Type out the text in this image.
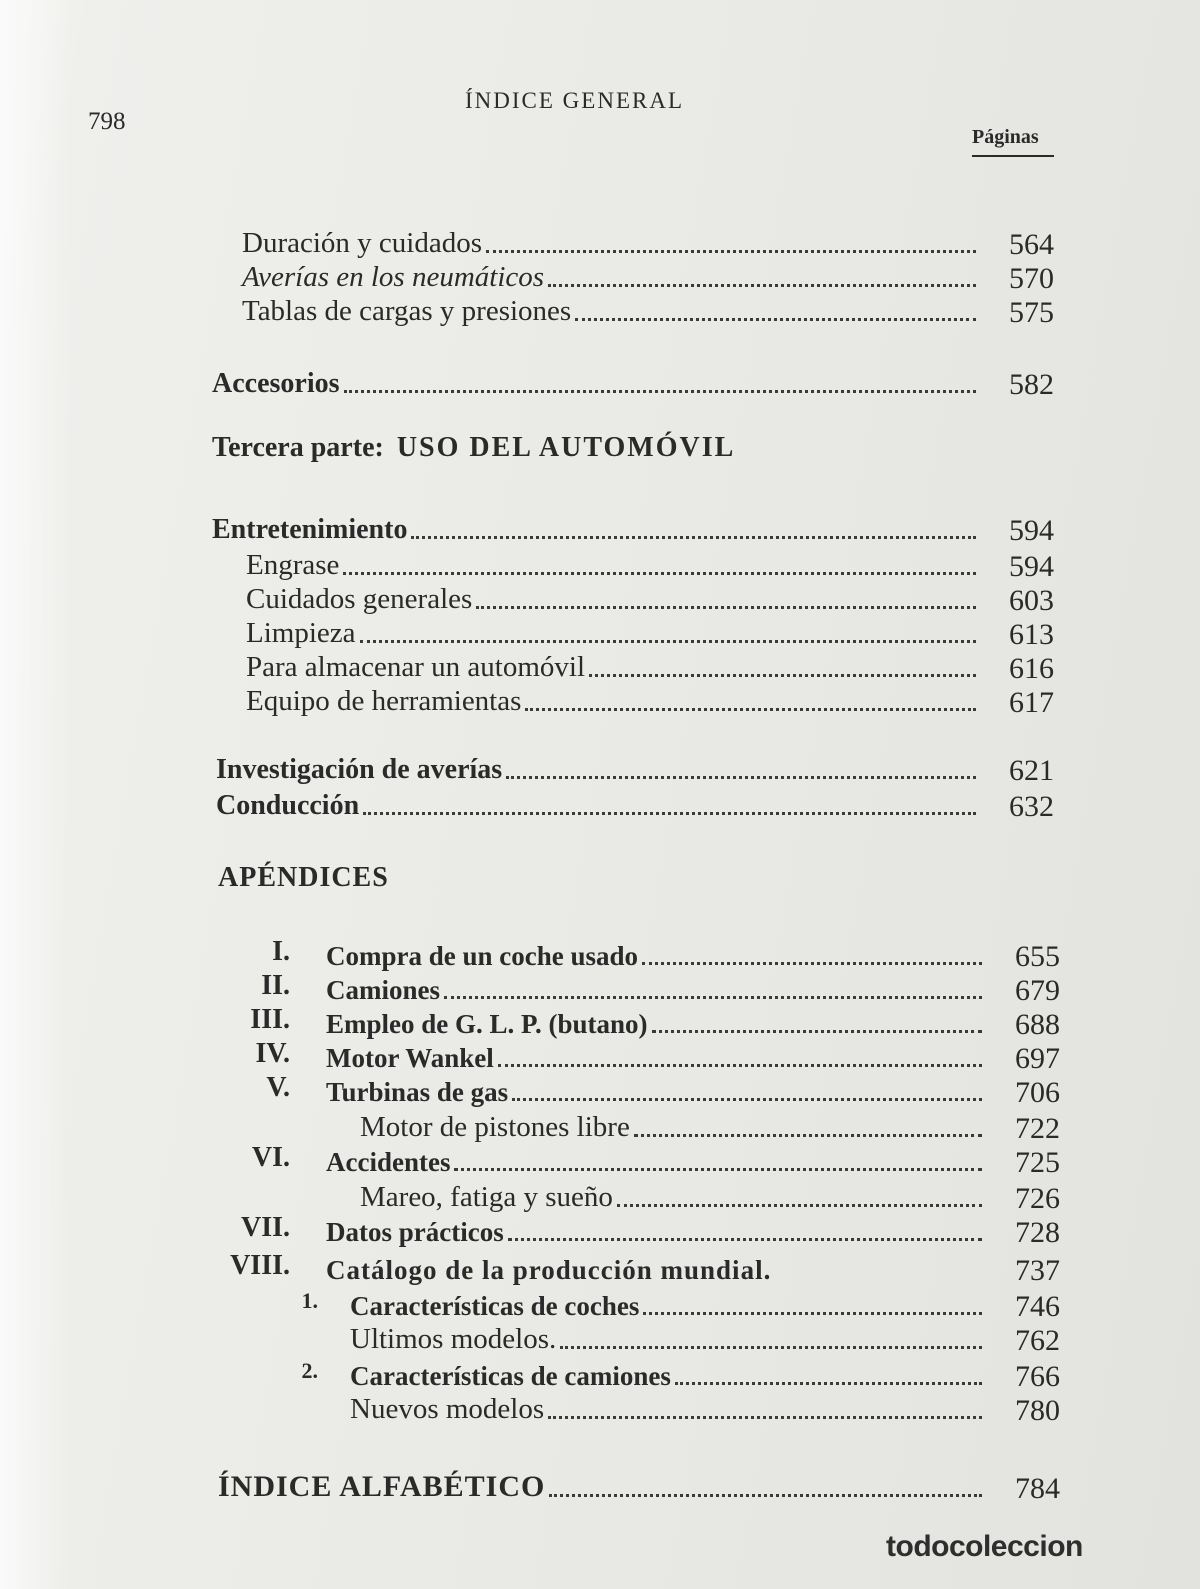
798
ÍNDICE GENERAL
Páginas
Duración y cuidados	564
Averías en los neumáticos	570
Tablas de cargas y presiones	575
Accesorios	582
Tercera parte: USO DEL AUTOMÓVIL
Entretenimiento	594
Engrase	594
Cuidados generales	603
Limpieza	613
Para almacenar un automóvil	616
Equipo de herramientas	617
Investigación de averías	621
Conducción	632
APÉNDICES
I. Compra de un coche usado	655
II. Camiones	679
III. Empleo de G. L. P. (butano)	688
IV. Motor Wankel	697
V. Turbinas de gas	706
Motor de pistones libre	722
VI. Accidentes	725
Mareo, fatiga y sueño	726
VII. Datos prácticos	728
VIII. Catálogo de la producción mundial.	737
1. Características de coches	746
Ultimos modelos.	762
2. Características de camiones	766
Nuevos modelos	780
ÍNDICE ALFABÉTICO	784
todocoleccion
